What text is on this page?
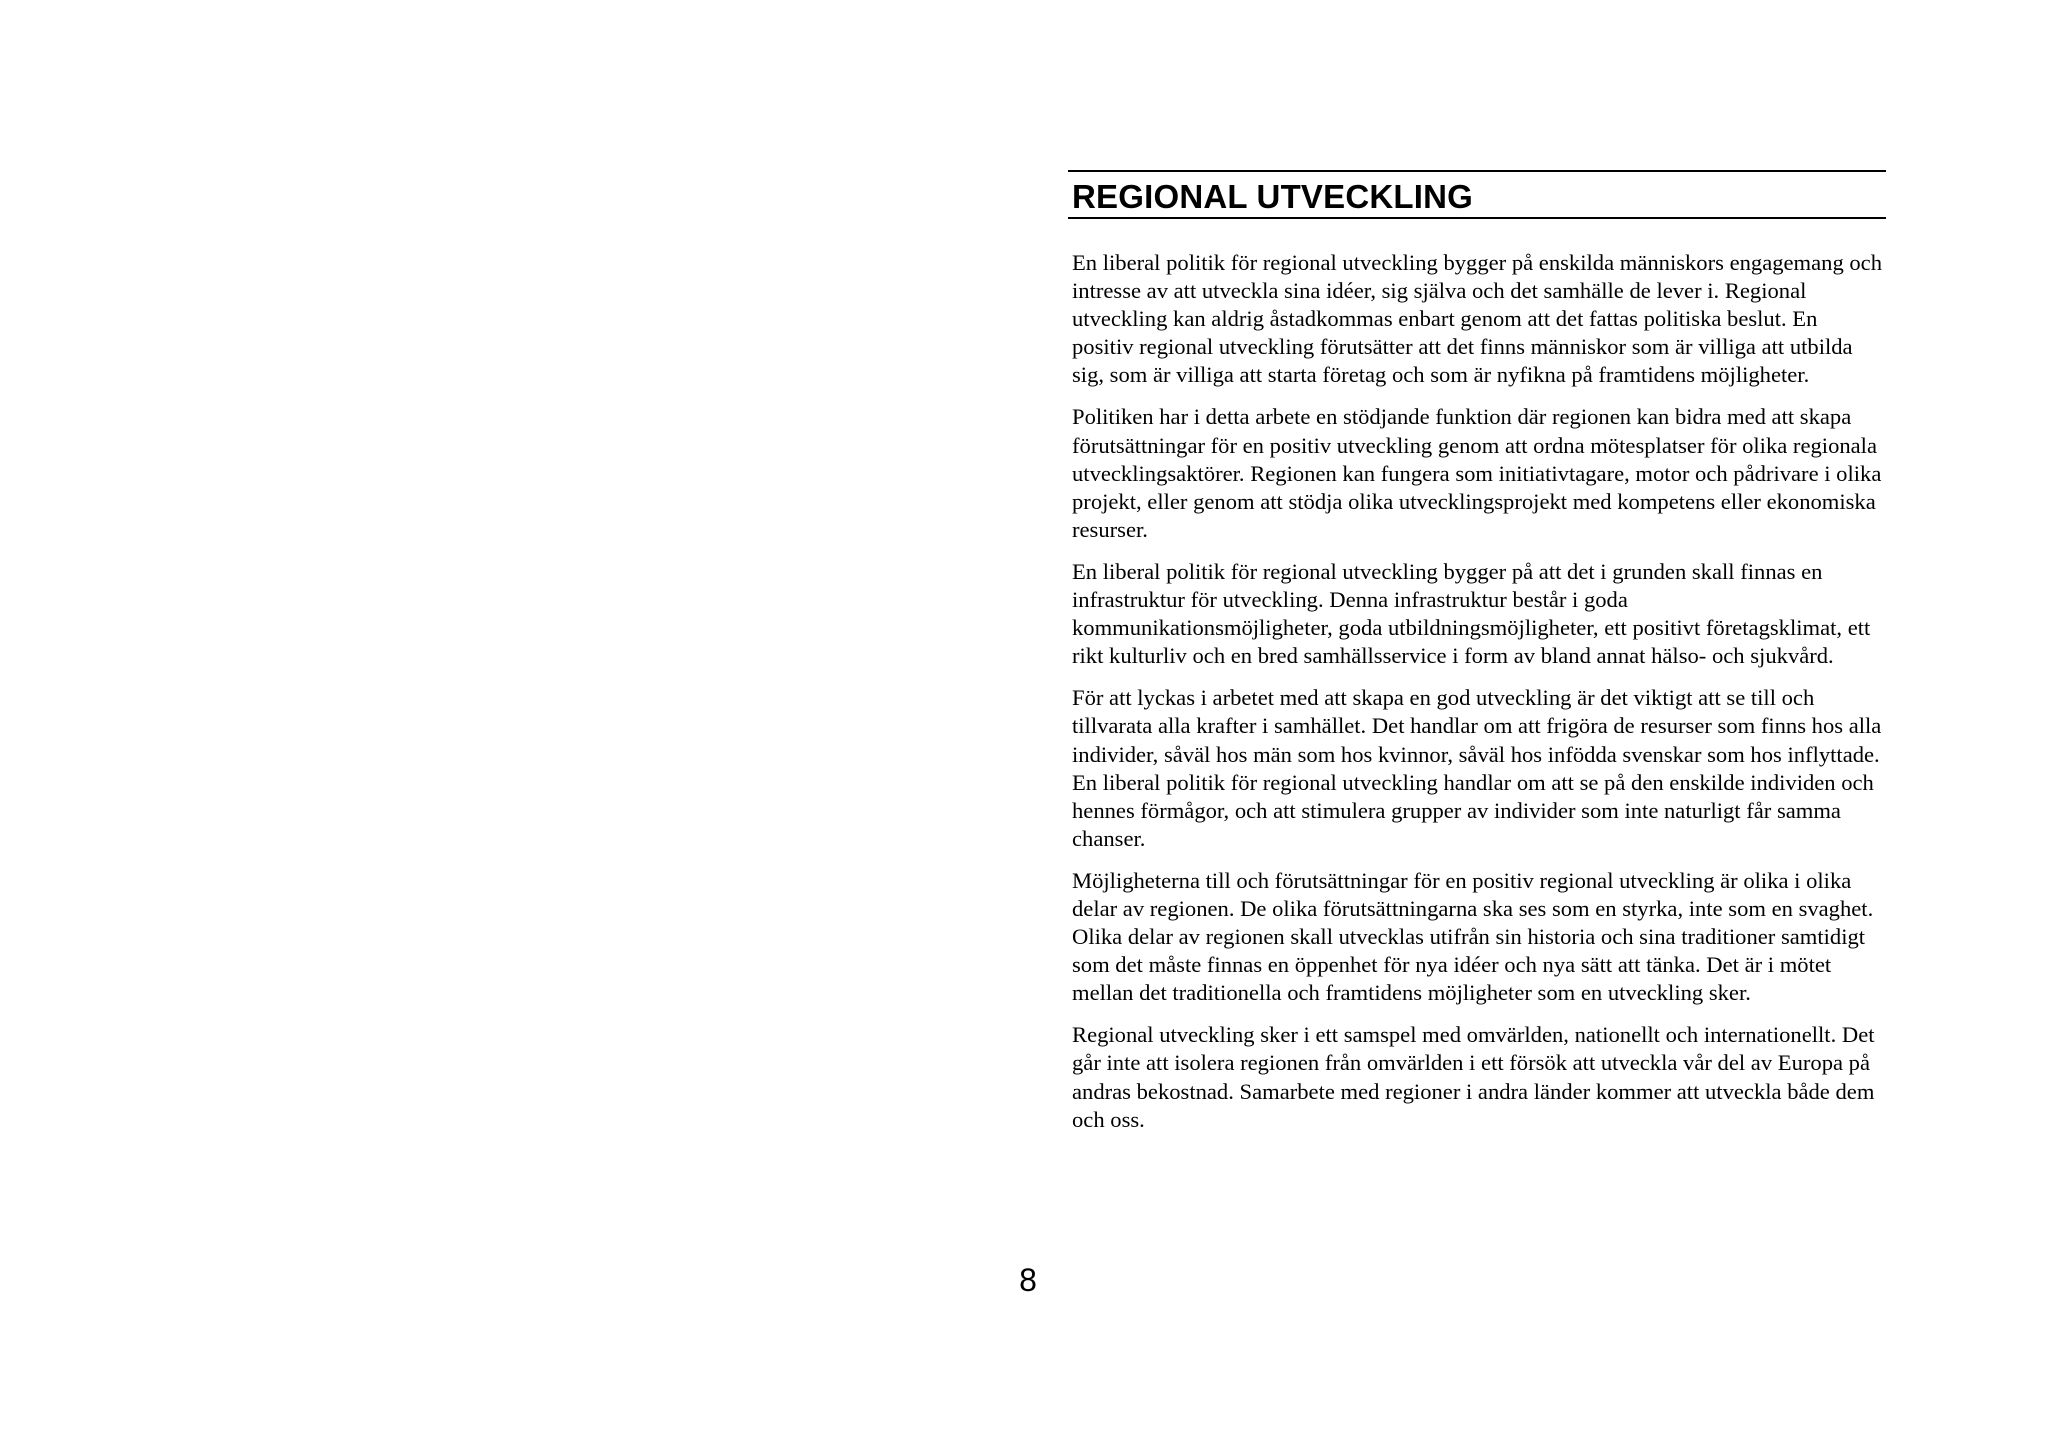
REGIONAL UTVECKLING

En liberal politik för regional utveckling bygger på enskilda människors engagemang och intresse av att utveckla sina idéer, sig själva och det samhälle de lever i. Regional utveckling kan aldrig åstadkommas enbart genom att det fattas politiska beslut. En positiv regional utveckling förutsätter att det finns människor som är villiga att utbilda sig, som är villiga att starta företag och som är nyfikna på framtidens möjligheter.

Politiken har i detta arbete en stödjande funktion där regionen kan bidra med att skapa förutsättningar för en positiv utveckling genom att ordna mötesplatser för olika regionala utvecklingsaktörer. Regionen kan fungera som initiativtagare, motor och pådrivare i olika projekt, eller genom att stödja olika utvecklingsprojekt med kompetens eller ekonomiska resurser.

En liberal politik för regional utveckling bygger på att det i grunden skall finnas en infrastruktur för utveckling. Denna infrastruktur består i goda kommunikationsmöjligheter, goda utbildningsmöjligheter, ett positivt företagsklimat, ett rikt kulturliv och en bred samhällsservice i form av bland annat hälso- och sjukvård.

För att lyckas i arbetet med att skapa en god utveckling är det viktigt att se till och tillvarata alla krafter i samhället. Det handlar om att frigöra de resurser som finns hos alla individer, såväl hos män som hos kvinnor, såväl hos infödda svenskar som hos inflyttade. En liberal politik för regional utveckling handlar om att se på den enskilde individen och hennes förmågor, och att stimulera grupper av individer som inte naturligt får samma chanser.

Möjligheterna till och förutsättningar för en positiv regional utveckling är olika i olika delar av regionen. De olika förutsättningarna ska ses som en styrka, inte som en svaghet. Olika delar av regionen skall utvecklas utifrån sin historia och sina traditioner samtidigt som det måste finnas en öppenhet för nya idéer och nya sätt att tänka. Det är i mötet mellan det traditionella och framtidens möjligheter som en utveckling sker.

Regional utveckling sker i ett samspel med omvärlden, nationellt och internationellt. Det går inte att isolera regionen från omvärlden i ett försök att utveckla vår del av Europa på andras bekostnad. Samarbete med regioner i andra länder kommer att utveckla både dem och oss.

8
